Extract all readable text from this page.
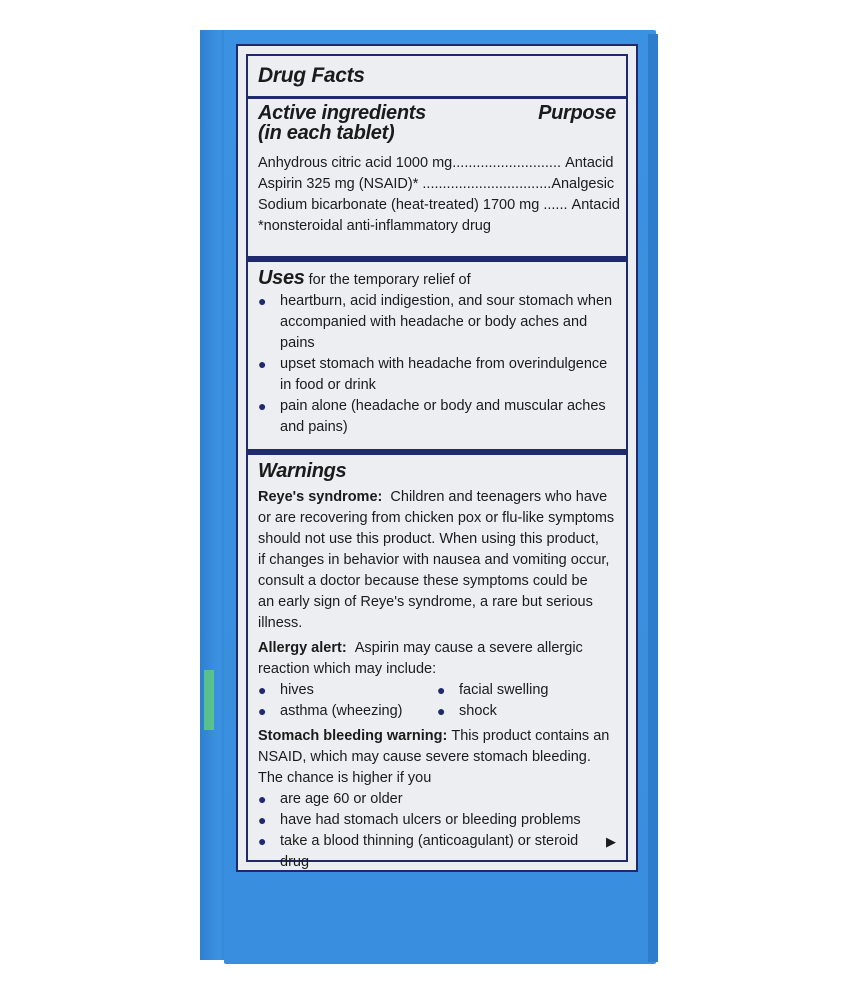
Drug Facts
Active ingredients	Purpose
(in each tablet)
Anhydrous citric acid 1000 mg........................... Antacid
Aspirin 325 mg (NSAID)* ................................Analgesic
Sodium bicarbonate (heat-treated) 1700 mg ...... Antacid
*nonsteroidal anti-inflammatory drug
Uses for the temporary relief of
● heartburn, acid indigestion, and sour stomach when
accompanied with headache or body aches and
pains
● upset stomach with headache from overindulgence
in food or drink
● pain alone (headache or body and muscular aches
and pains)
Warnings
Reye's syndrome: Children and teenagers who have
or are recovering from chicken pox or flu-like symptoms
should not use this product. When using this product,
if changes in behavior with nausea and vomiting occur,
consult a doctor because these symptoms could be
an early sign of Reye's syndrome, a rare but serious
illness.
Allergy alert: Aspirin may cause a severe allergic
reaction which may include:
● hives
● asthma (wheezing)
● facial swelling
● shock
Stomach bleeding warning: This product contains an
NSAID, which may cause severe stomach bleeding.
The chance is higher if you
● are age 60 or older
● have had stomach ulcers or bleeding problems
● take a blood thinning (anticoagulant) or steroid drug
▶
